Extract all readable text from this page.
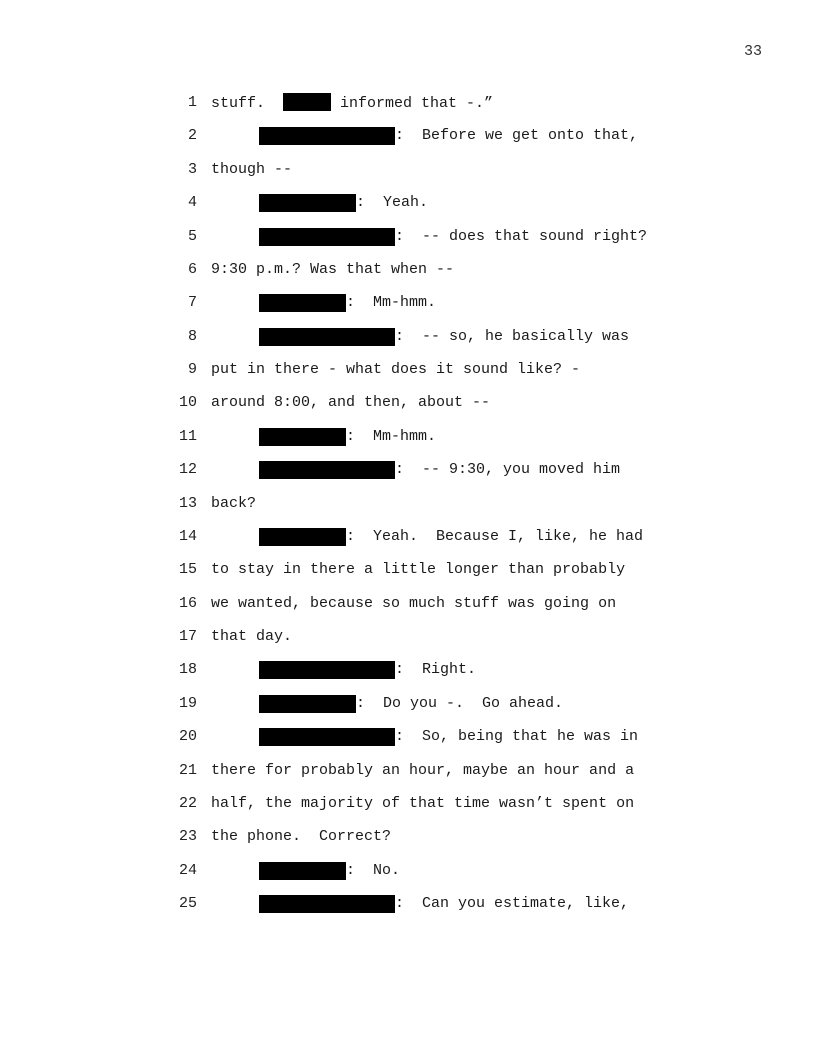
33
1 stuff.	informed that -.”
2	:  Before we get onto that,
3 though --
4	:  Yeah.
5	:  -- does that sound right?
6 9:30 p.m.? Was that when --
7	:  Mm-hmm.
8	:  -- so, he basically was
9 put in there - what does it sound like? -
10 around 8:00, and then, about --
11	:  Mm-hmm.
12	:  -- 9:30, you moved him
13 back?
14	:  Yeah.  Because I, like, he had
15 to stay in there a little longer than probably
16 we wanted, because so much stuff was going on
17 that day.
18	:  Right.
19	:  Do you -.  Go ahead.
20	:  So, being that he was in
21 there for probably an hour, maybe an hour and a
22 half, the majority of that time wasn’t spent on
23 the phone.  Correct?
24	:  No.
25	:  Can you estimate, like,
